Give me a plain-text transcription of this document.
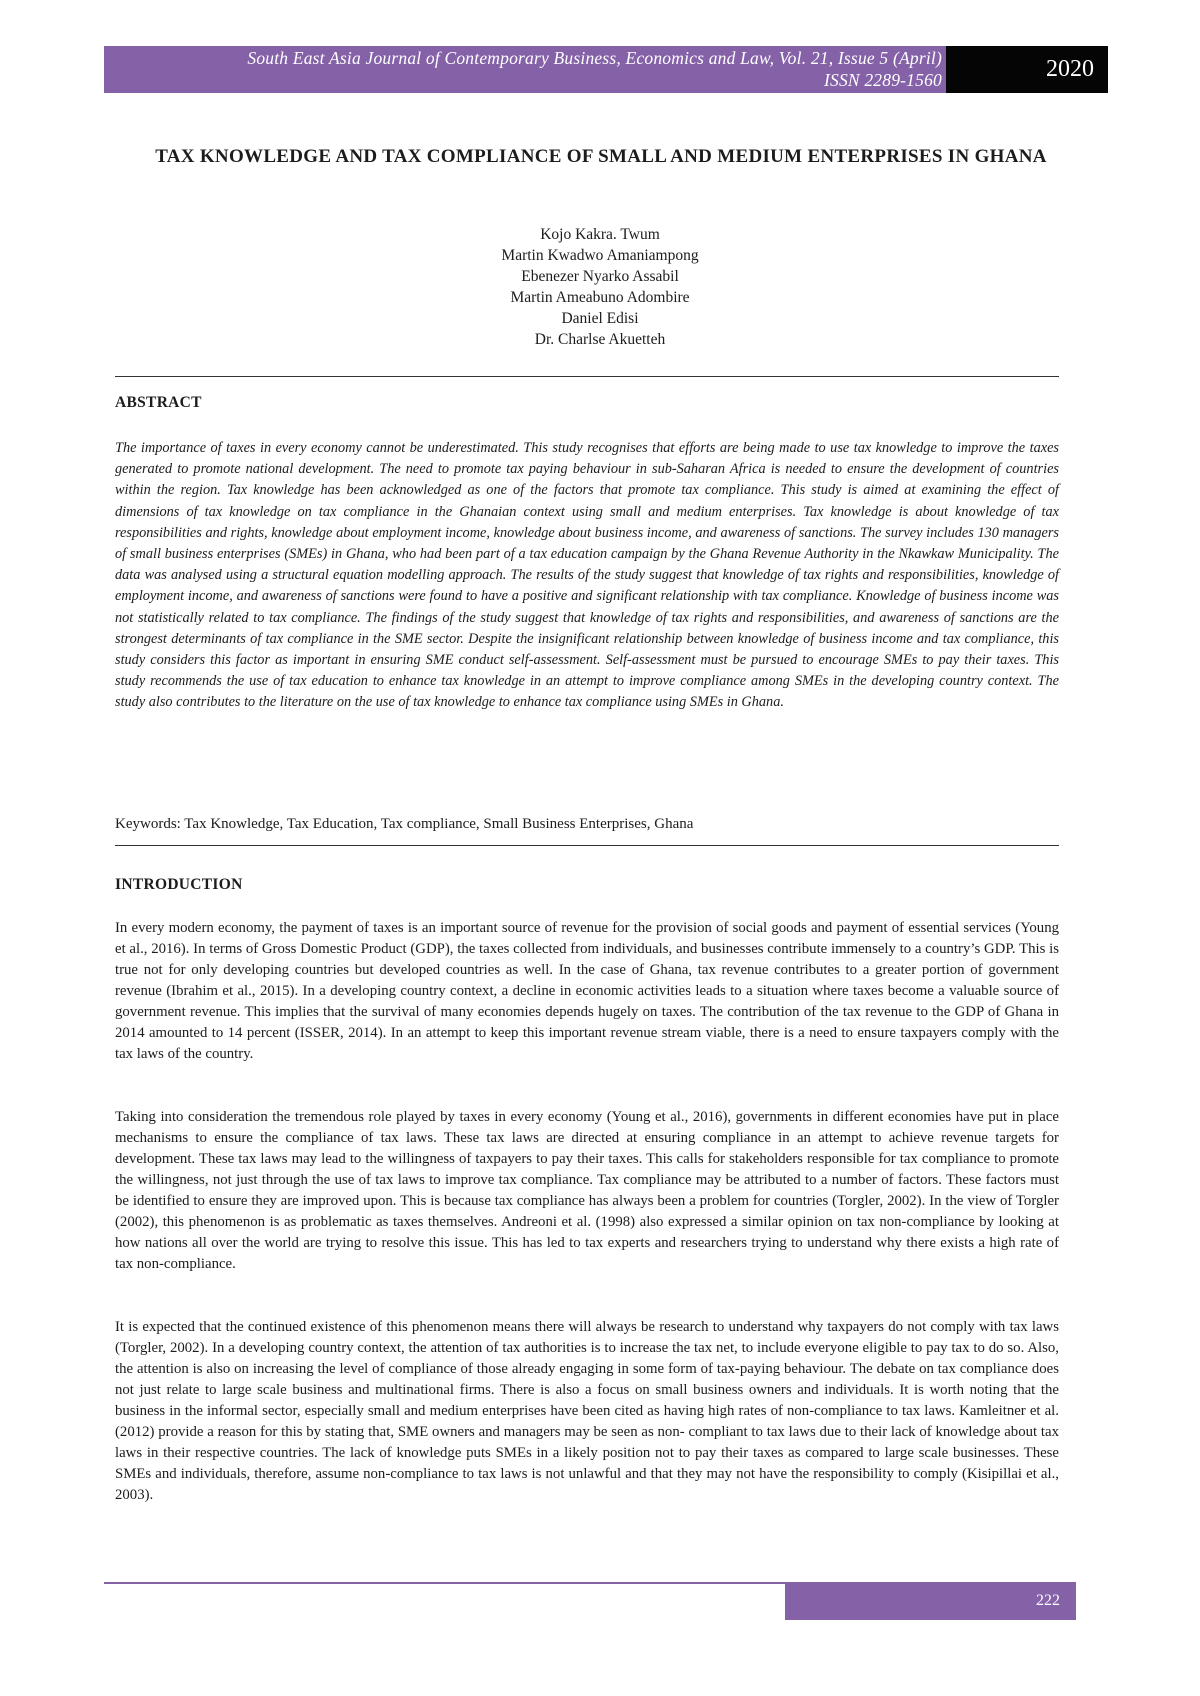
South East Asia Journal of Contemporary Business, Economics and Law, Vol. 21, Issue 5 (April)
ISSN 2289-1560	2020
TAX KNOWLEDGE AND TAX COMPLIANCE OF SMALL AND MEDIUM ENTERPRISES IN GHANA
Kojo Kakra. Twum
Martin Kwadwo Amaniampong
Ebenezer Nyarko Assabil
Martin Ameabuno Adombire
Daniel Edisi
Dr. Charlse Akuetteh
ABSTRACT

The importance of taxes in every economy cannot be underestimated. This study recognises that efforts are being made to use tax knowledge to improve the taxes generated to promote national development. The need to promote tax paying behaviour in sub-Saharan Africa is needed to ensure the development of countries within the region. Tax knowledge has been acknowledged as one of the factors that promote tax compliance. This study is aimed at examining the effect of dimensions of tax knowledge on tax compliance in the Ghanaian context using small and medium enterprises. Tax knowledge is about knowledge of tax responsibilities and rights, knowledge about employment income, knowledge about business income, and awareness of sanctions. The survey includes 130 managers of small business enterprises (SMEs) in Ghana, who had been part of a tax education campaign by the Ghana Revenue Authority in the Nkawkaw Municipality. The data was analysed using a structural equation modelling approach. The results of the study suggest that knowledge of tax rights and responsibilities, knowledge of employment income, and awareness of sanctions were found to have a positive and significant relationship with tax compliance. Knowledge of business income was not statistically related to tax compliance. The findings of the study suggest that knowledge of tax rights and responsibilities, and awareness of sanctions are the strongest determinants of tax compliance in the SME sector. Despite the insignificant relationship between knowledge of business income and tax compliance, this study considers this factor as important in ensuring SME conduct self-assessment. Self-assessment must be pursued to encourage SMEs to pay their taxes. This study recommends the use of tax education to enhance tax knowledge in an attempt to improve compliance among SMEs in the developing country context. The study also contributes to the literature on the use of tax knowledge to enhance tax compliance using SMEs in Ghana.

Keywords: Tax Knowledge, Tax Education, Tax compliance, Small Business Enterprises, Ghana
INTRODUCTION

In every modern economy, the payment of taxes is an important source of revenue for the provision of social goods and payment of essential services (Young et al., 2016). In terms of Gross Domestic Product (GDP), the taxes collected from individuals, and businesses contribute immensely to a country’s GDP. This is true not for only developing countries but developed countries as well. In the case of Ghana, tax revenue contributes to a greater portion of government revenue (Ibrahim et al., 2015). In a developing country context, a decline in economic activities leads to a situation where taxes become a valuable source of government revenue. This implies that the survival of many economies depends hugely on taxes. The contribution of the tax revenue to the GDP of Ghana in 2014 amounted to 14 percent (ISSER, 2014). In an attempt to keep this important revenue stream viable, there is a need to ensure taxpayers comply with the tax laws of the country.

Taking into consideration the tremendous role played by taxes in every economy (Young et al., 2016), governments in different economies have put in place mechanisms to ensure the compliance of tax laws. These tax laws are directed at ensuring compliance in an attempt to achieve revenue targets for development. These tax laws may lead to the willingness of taxpayers to pay their taxes. This calls for stakeholders responsible for tax compliance to promote the willingness, not just through the use of tax laws to improve tax compliance. Tax compliance may be attributed to a number of factors. These factors must be identified to ensure they are improved upon. This is because tax compliance has always been a problem for countries (Torgler, 2002). In the view of Torgler (2002), this phenomenon is as problematic as taxes themselves. Andreoni et al. (1998) also expressed a similar opinion on tax non-compliance by looking at how nations all over the world are trying to resolve this issue. This has led to tax experts and researchers trying to understand why there exists a high rate of tax non-compliance.

It is expected that the continued existence of this phenomenon means there will always be research to understand why taxpayers do not comply with tax laws (Torgler, 2002). In a developing country context, the attention of tax authorities is to increase the tax net, to include everyone eligible to pay tax to do so. Also, the attention is also on increasing the level of compliance of those already engaging in some form of tax-paying behaviour. The debate on tax compliance does not just relate to large scale business and multinational firms. There is also a focus on small business owners and individuals. It is worth noting that the business in the informal sector, especially small and medium enterprises have been cited as having high rates of non-compliance to tax laws. Kamleitner et al. (2012) provide a reason for this by stating that, SME owners and managers may be seen as non- compliant to tax laws due to their lack of knowledge about tax laws in their respective countries. The lack of knowledge puts SMEs in a likely position not to pay their taxes as compared to large scale businesses. These SMEs and individuals, therefore, assume non-compliance to tax laws is not unlawful and that they may not have the responsibility to comply (Kisipillai et al., 2003).

222
